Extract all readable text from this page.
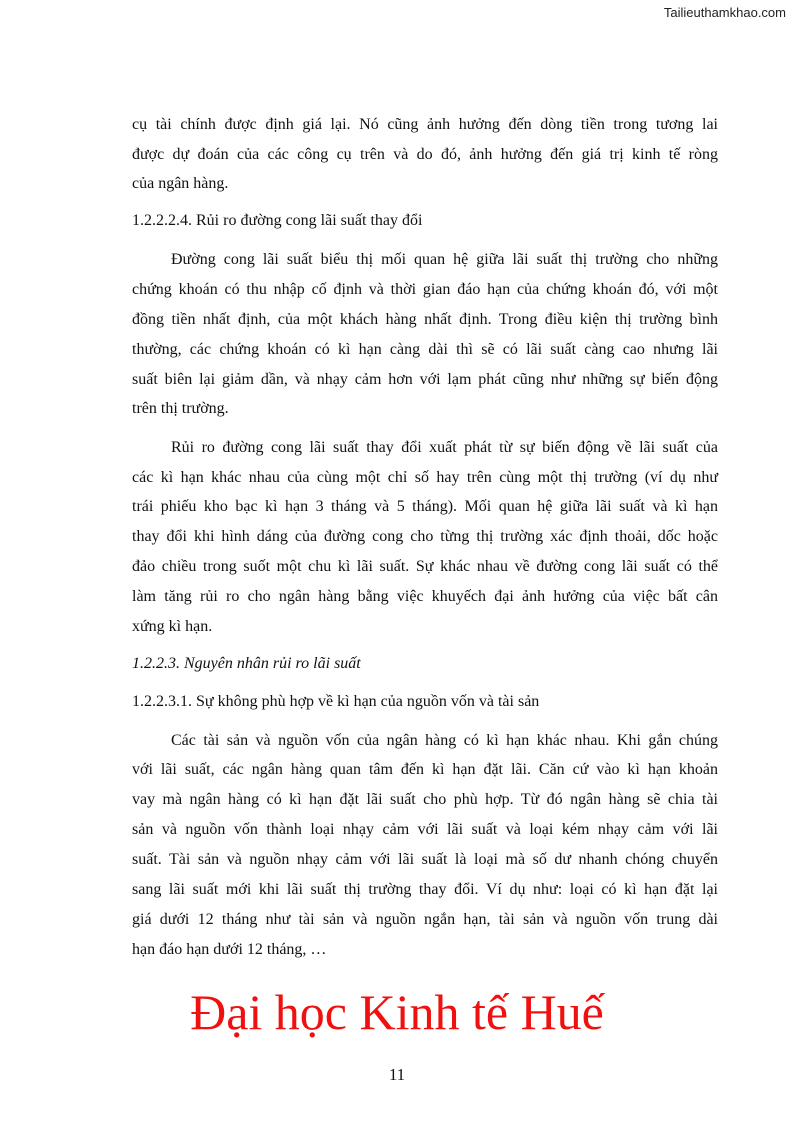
Tailieuthamkhao.com
cụ tài chính được định giá lại. Nó cũng ảnh hưởng đến dòng tiền trong tương lai
được dự đoán của các công cụ trên và do đó, ảnh hưởng đến giá trị kinh tế ròng
của ngân hàng.
1.2.2.2.4. Rủi ro đường cong lãi suất thay đổi
Đường cong lãi suất biểu thị mối quan hệ giữa lãi suất thị trường cho những
chứng khoán có thu nhập cố định và thời gian đáo hạn của chứng khoán đó, với một
đồng tiền nhất định, của một khách hàng nhất định. Trong điều kiện thị trường bình
thường, các chứng khoán có kì hạn càng dài thì sẽ có lãi suất càng cao nhưng lãi
suất biên lại giảm dần, và nhạy cảm hơn với lạm phát cũng như những sự biến động
trên thị trường.
Rủi ro đường cong lãi suất thay đổi xuất phát từ sự biến động về lãi suất của
các kì hạn khác nhau của cùng một chỉ số hay trên cùng một thị trường (ví dụ như
trái phiếu kho bạc kì hạn 3 tháng và 5 tháng). Mối quan hệ giữa lãi suất và kì hạn
thay đổi khi hình dáng của đường cong cho từng thị trường xác định thoải, dốc hoặc
đảo chiều trong suốt một chu kì lãi suất. Sự khác nhau về đường cong lãi suất có thể
làm tăng rủi ro cho ngân hàng bằng việc khuyếch đại ảnh hưởng của việc bất cân
xứng kì hạn.
1.2.2.3. Nguyên nhân rủi ro lãi suất
1.2.2.3.1. Sự không phù hợp về kì hạn của nguồn vốn và tài sản
Các tài sản và nguồn vốn của ngân hàng có kì hạn khác nhau. Khi gắn chúng
với lãi suất, các ngân hàng quan tâm đến kì hạn đặt lãi. Căn cứ vào kì hạn khoản
vay mà ngân hàng có kì hạn đặt lãi suất cho phù hợp. Từ đó ngân hàng sẽ chia tài
sản và nguồn vốn thành loại nhạy cảm với lãi suất và loại kém nhạy cảm với lãi
suất. Tài sản và nguồn nhạy cảm với lãi suất là loại mà số dư nhanh chóng chuyển
sang lãi suất mới khi lãi suất thị trường thay đổi. Ví dụ như: loại có kì hạn đặt lại
giá dưới 12 tháng như tài sản và nguồn ngắn hạn, tài sản và nguồn vốn trung dài
hạn đáo hạn dưới 12 tháng, …
Đại học Kinh tế Huế
11
